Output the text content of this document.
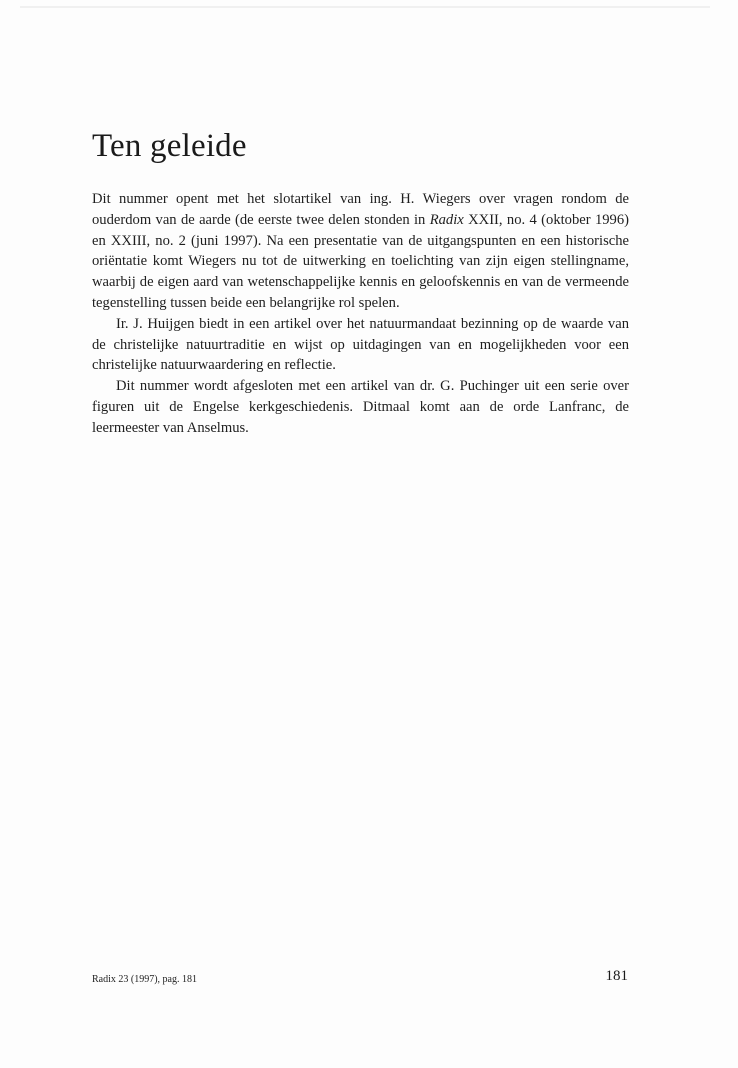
Ten geleide

Dit nummer opent met het slotartikel van ing. H. Wiegers over vragen rondom de ouderdom van de aarde (de eerste twee delen stonden in Radix XXII, no. 4 (oktober 1996) en XXIII, no. 2 (juni 1997). Na een presentatie van de uitgangspunten en een historische oriëntatie komt Wiegers nu tot de uitwerking en toelichting van zijn eigen stellingname, waarbij de eigen aard van wetenschappelijke kennis en geloofskennis en van de vermeende tegenstelling tussen beide een belangrijke rol spelen.

Ir. J. Huijgen biedt in een artikel over het natuurmandaat bezinning op de waarde van de christelijke natuurtraditie en wijst op uitdagingen van en mogelijkheden voor een christelijke natuurwaardering en reflectie.

Dit nummer wordt afgesloten met een artikel van dr. G. Puchinger uit een serie over figuren uit de Engelse kerkgeschiedenis. Ditmaal komt aan de orde Lanfranc, de leermeester van Anselmus.

Radix 23 (1997), pag. 181	181
